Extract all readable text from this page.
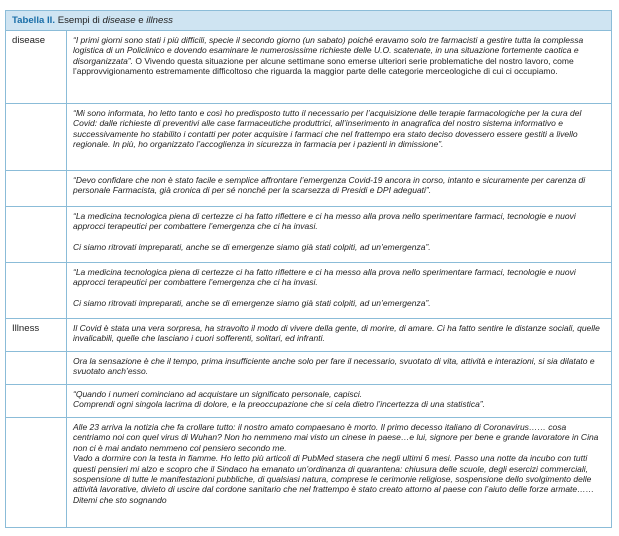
Tabella II. Esempi di disease e illness
disease	“I primi giorni sono stati i più difficili, specie il secondo giorno (un sabato) poiché eravamo solo tre farmacisti a gestire tutta la complessa logistica di un Policlinico e dovendo esaminare le numerosissime richieste delle U.O. scatenate, in una situazione fortemente caotica e disorganizzata”. O Vivendo questa situazione per alcune settimane sono emerse ulteriori serie problematiche del nostro lavoro, come l’approvvigionamento estremamente difficoltoso che riguarda la maggior parte delle categorie merceologiche di cui ci occupiamo.

“Mi sono informata, ho letto tanto e così ho predisposto tutto il necessario per l’acquisizione delle terapie farmacologiche per la cura del Covid: dalle richieste di preventivi alle case farmaceutiche produttrici, all’inserimento in anagrafica del nostro sistema informativo e successivamente ho stabilito i contatti per poter acquisire i farmaci che nel frattempo era stato deciso dovessero essere gestiti a livello regionale. In più, ho organizzato l’accoglienza in sicurezza in farmacia per i pazienti in dimissione”.

“Devo confidare che non è stato facile e semplice affrontare l’emergenza Covid-19 ancora in corso, intanto e sicuramente per carenza di personale Farmacista, già cronica di per sé nonché per la scarsezza di Presidi e DPI adeguati”.

“La medicina tecnologica piena di certezze ci ha fatto riflettere e ci ha messo alla prova nello sperimentare farmaci, tecnologie e nuovi approcci terapeutici per combattere l’emergenza che ci ha invasi.

Ci siamo ritrovati impreparati, anche se di emergenze siamo già stati colpiti, ad un’emergenza”.

“La medicina tecnologica piena di certezze ci ha fatto riflettere e ci ha messo alla prova nello sperimentare farmaci, tecnologie e nuovi approcci terapeutici per combattere l’emergenza che ci ha invasi.

Ci siamo ritrovati impreparati, anche se di emergenze siamo già stati colpiti, ad un’emergenza”.

Illness	Il Covid è stata una vera sorpresa, ha stravolto il modo di vivere della gente, di morire, di amare. Ci ha fatto sentire le distanze sociali, quelle invalicabili, quelle che lasciano i cuori sofferenti, solitari, ed infranti.

Ora la sensazione è che il tempo, prima insufficiente anche solo per fare il necessario, svuotato di vita, attività e interazioni, si sia dilatato e svuotato anch’esso.

“Quando i numeri cominciano ad acquistare un significato personale, capisci.

Comprendi ogni singola lacrima di dolore, e la preoccupazione che si cela dietro l’incertezza di una statistica”.

Alle 23 arriva la notizia che fa crollare tutto: il nostro amato compaesano è morto. Il primo decesso italiano di Coronavirus…… cosa centriamo noi con quel virus di Wuhan? Non ho nemmeno mai visto un cinese in paese…e lui, signore per bene e grande lavoratore in Cina non ci è mai andato nemmeno col pensiero secondo me.

Vado a dormire con la testa in fiamme. Ho letto più articoli di PubMed stasera che negli ultimi 6 mesi. Passo una notte da incubo con tutti questi pensieri mi alzo e scopro che il Sindaco ha emanato un’ordinanza di quarantena: chiusura delle scuole, degli esercizi commerciali, sospensione di tutte le manifestazioni pubbliche, di qualsiasi natura, comprese le cerimonie religiose, sospensione dello svolgimento delle attività lavorative, divieto di uscire dal cordone sanitario che nel frattempo è stato creato attorno al paese con l’aiuto delle forze armate……

Ditemi che sto sognando
